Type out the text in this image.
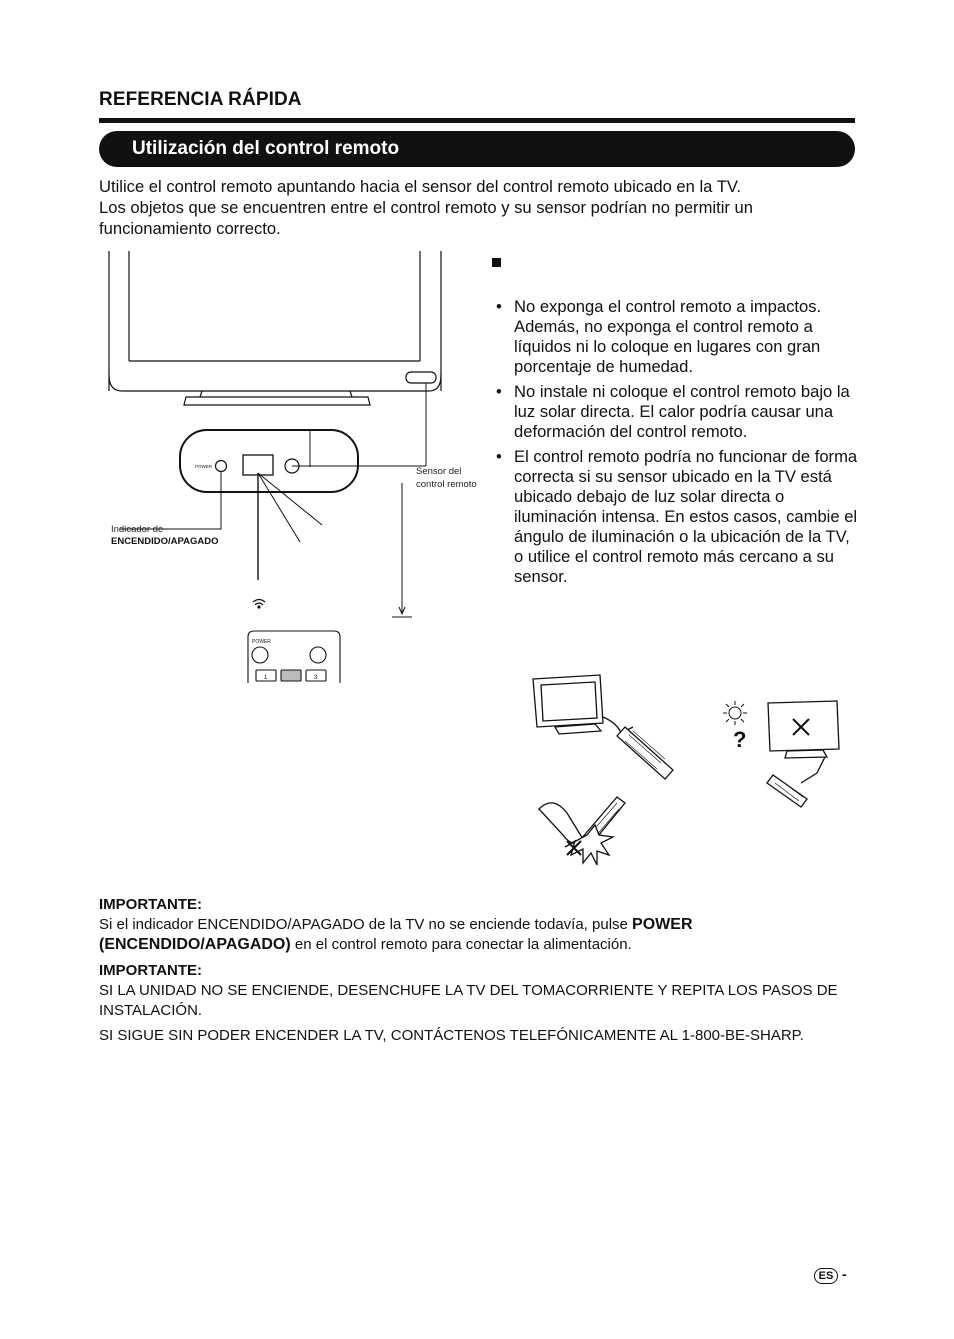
REFERENCIA RÁPIDA
Utilización del control remoto

Utilice el control remoto apuntando hacia el sensor del control remoto ubicado en la TV.

Los objetos que se encuentren entre el control remoto y su sensor podrían no permitir un

funcionamiento correcto.

POWER	Sensor del
control remoto
Indicador de
ENCENDIDO/APAGADO
POWER
1	3
• No exponga el control remoto a impactos. Además, no exponga el control remoto a líquidos ni lo coloque en lugares con gran porcentaje de humedad.
• No instale ni coloque el control remoto bajo la luz solar directa. El calor podría causar una deformación del control remoto.
• El control remoto podría no funcionar de forma correcta si su sensor ubicado en la TV está ubicado debajo de luz solar directa o iluminación intensa. En estos casos, cambie el ángulo de iluminación o la ubicación de la TV, o utilice el control remoto más cercano a su sensor.
?

IMPORTANTE:

Si el indicador ENCENDIDO/APAGADO de la TV no se enciende todavía, pulse POWER
(ENCENDIDO/APAGADO) en el control remoto para conectar la alimentación.

IMPORTANTE:

SI LA UNIDAD NO SE ENCIENDE, DESENCHUFE LA TV DEL TOMACORRIENTE Y REPITA LOS PASOS DE INSTALACIÓN.

SI SIGUE SIN PODER ENCENDER LA TV, CONTÁCTENOS TELEFÓNICAMENTE AL 1-800-BE-SHARP.

ES -
